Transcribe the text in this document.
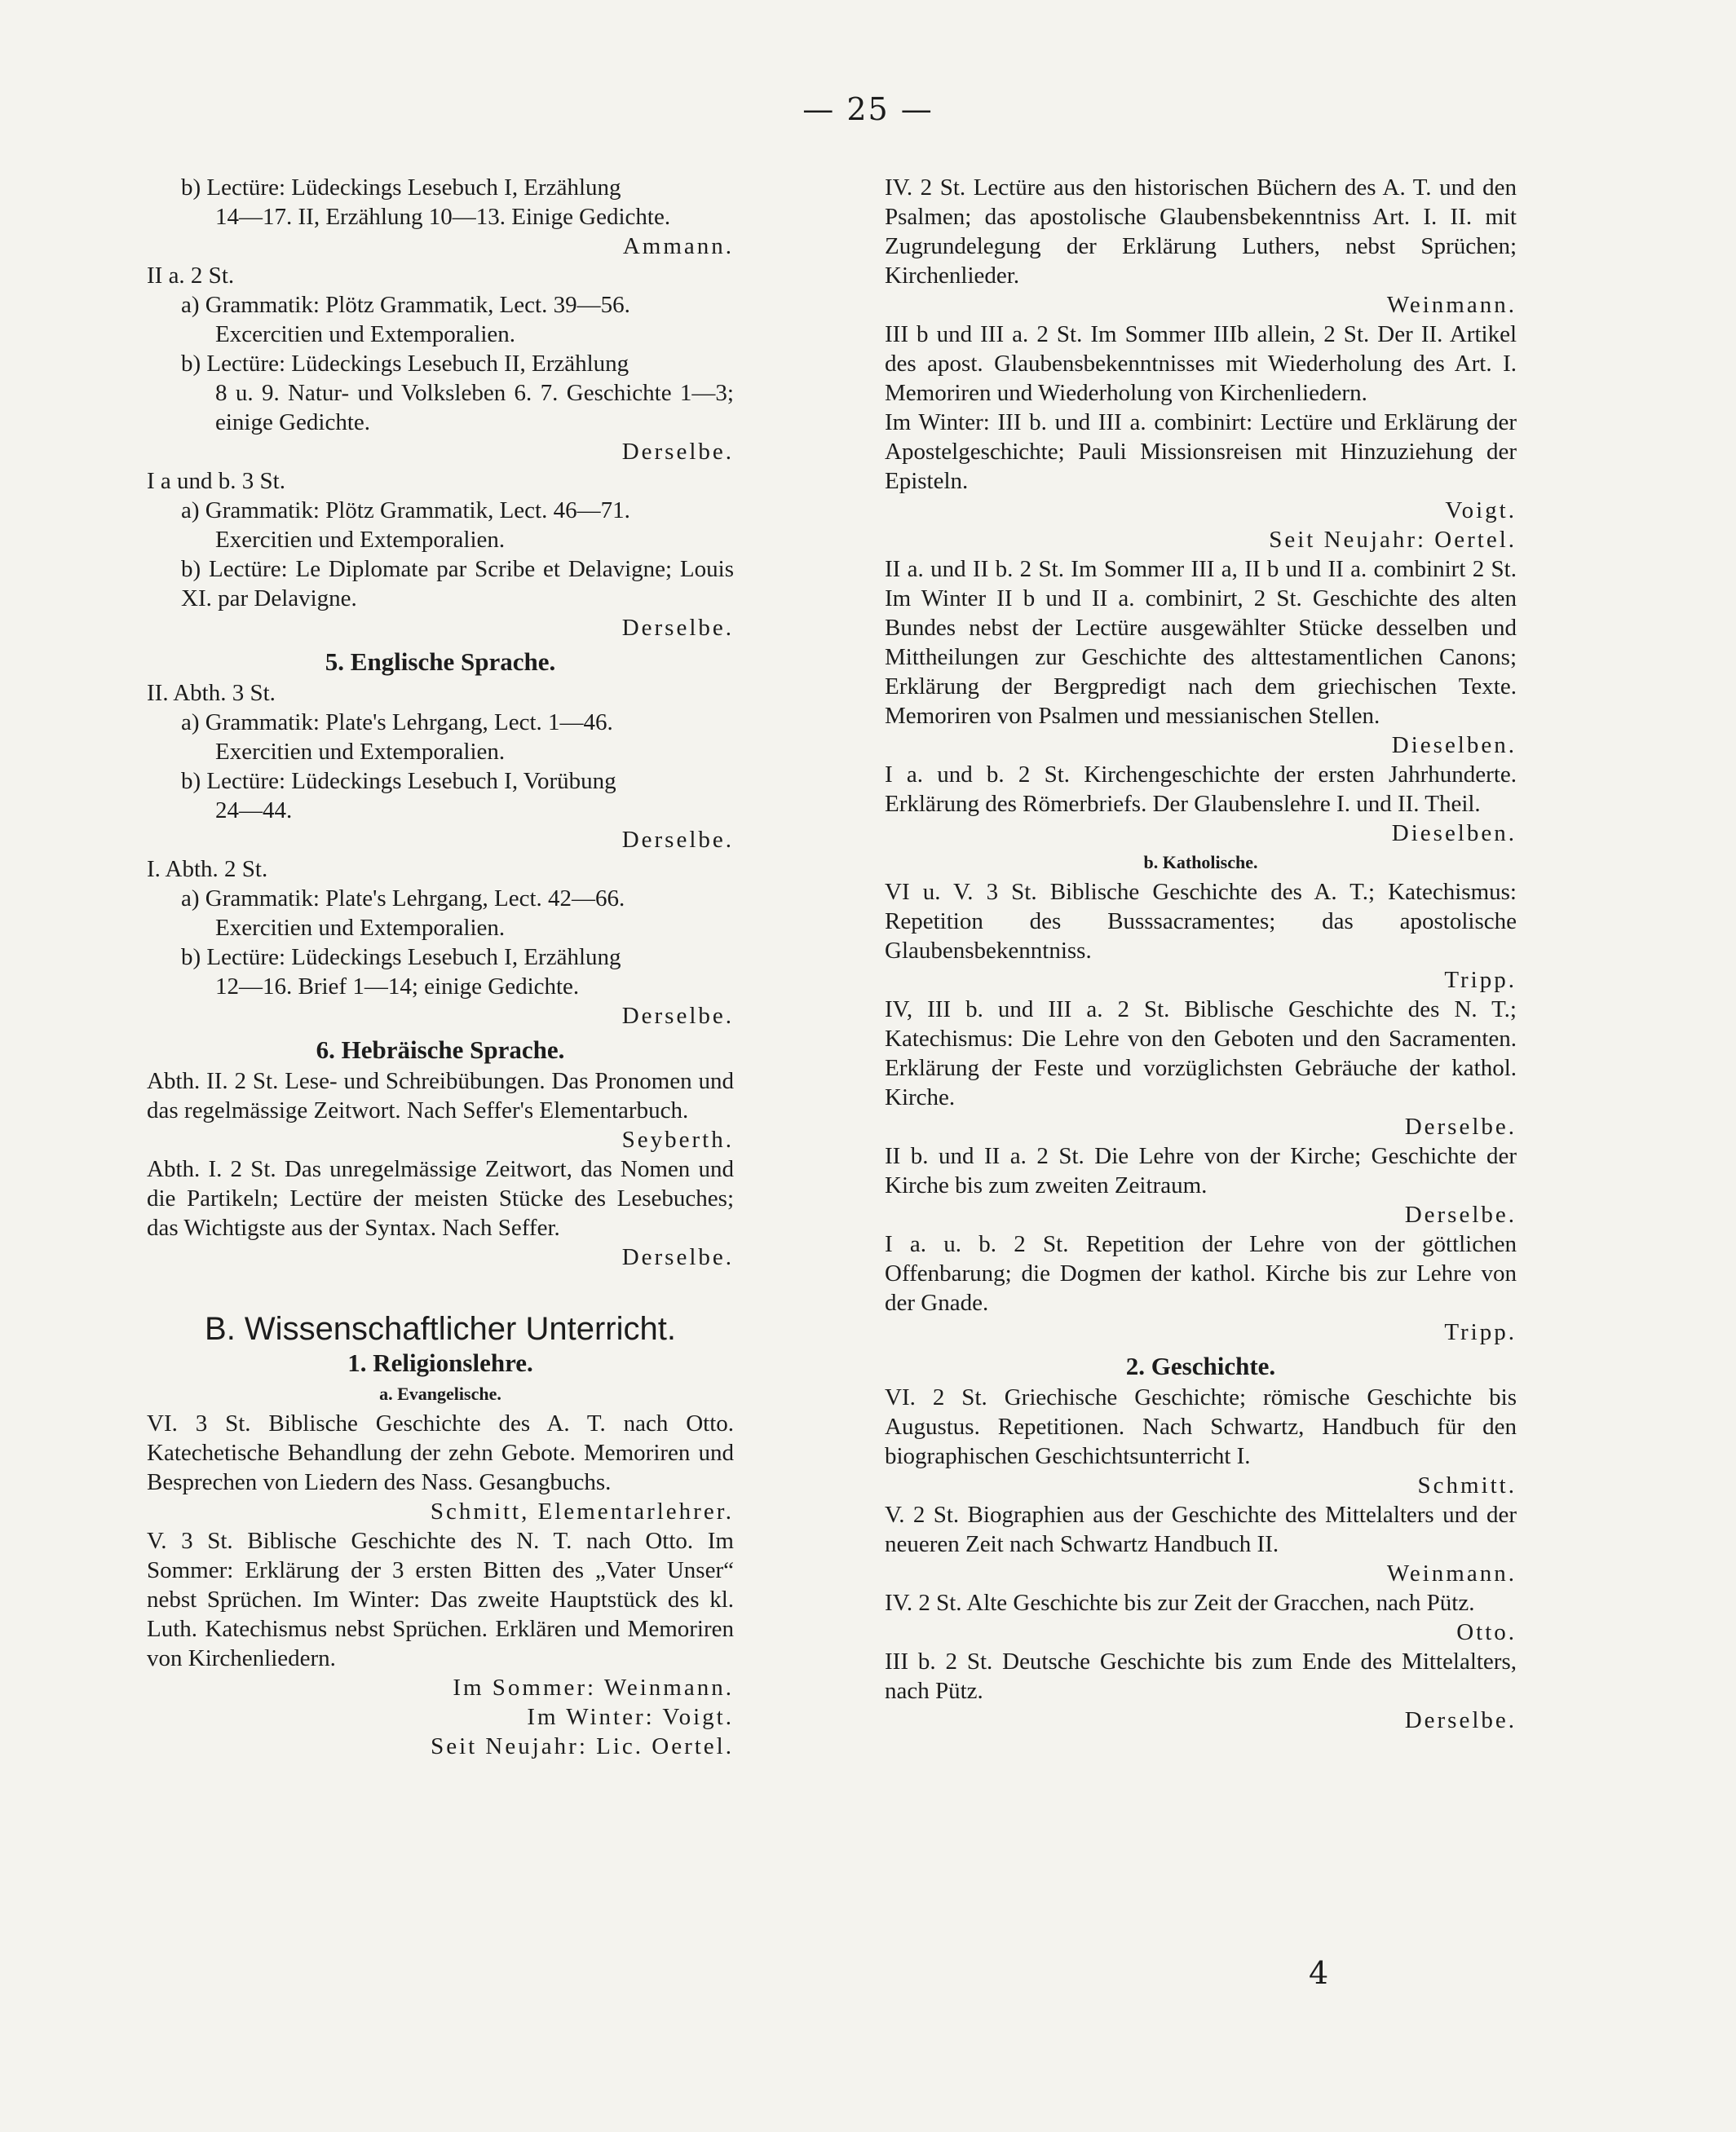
— 25 —

b) Lectüre: Lüdeckings Lesebuch I, Erzählung

14—17. II, Erzählung 10—13. Einige Gedichte.

Ammann.

II a. 2 St.

a) Grammatik: Plötz Grammatik, Lect. 39—56.

Excercitien und Extemporalien.

b) Lectüre: Lüdeckings Lesebuch II, Erzählung

8 u. 9. Natur- und Volksleben 6. 7. Geschichte 1—3; einige Gedichte.

Derselbe.

I a und b. 3 St.

a) Grammatik: Plötz Grammatik, Lect. 46—71.

Exercitien und Extemporalien.

b) Lectüre: Le Diplomate par Scribe et Delavigne; Louis XI. par Delavigne.

Derselbe.

5. Englische Sprache.

II. Abth. 3 St.

a) Grammatik: Plate's Lehrgang, Lect. 1—46.

Exercitien und Extemporalien.

b) Lectüre: Lüdeckings Lesebuch I, Vorübung

24—44.

Derselbe.

I. Abth. 2 St.

a) Grammatik: Plate's Lehrgang, Lect. 42—66.

Exercitien und Extemporalien.

b) Lectüre: Lüdeckings Lesebuch I, Erzählung

12—16. Brief 1—14; einige Gedichte.

Derselbe.

6. Hebräische Sprache.

Abth. II. 2 St. Lese- und Schreibübungen. Das Pronomen und das regelmässige Zeitwort. Nach Seffer's Elementarbuch.

Seyberth.

Abth. I. 2 St. Das unregelmässige Zeitwort, das Nomen und die Partikeln; Lectüre der meisten Stücke des Lesebuches; das Wichtigste aus der Syntax. Nach Seffer.

Derselbe.

B. Wissenschaftlicher Unterricht.

1. Religionslehre.

a. Evangelische.

VI. 3 St. Biblische Geschichte des A. T. nach Otto. Katechetische Behandlung der zehn Gebote. Memoriren und Besprechen von Liedern des Nass. Gesangbuchs.

Schmitt, Elementarlehrer.

V. 3 St. Biblische Geschichte des N. T. nach Otto. Im Sommer: Erklärung der 3 ersten Bitten des „Vater Unser“ nebst Sprüchen. Im Winter: Das zweite Hauptstück des kl. Luth. Katechismus nebst Sprüchen. Erklären und Memoriren von Kirchenliedern.

Im Sommer: Weinmann.

Im Winter: Voigt.

Seit Neujahr: Lic. Oertel.

IV. 2 St. Lectüre aus den historischen Büchern des A. T. und den Psalmen; das apostolische Glaubensbekenntniss Art. I. II. mit Zugrundelegung der Erklärung Luthers, nebst Sprüchen; Kirchenlieder.

Weinmann.

III b und III a. 2 St. Im Sommer IIIb allein, 2 St. Der II. Artikel des apost. Glaubensbekenntnisses mit Wiederholung des Art. I. Memoriren und Wiederholung von Kirchenliedern.

Im Winter: III b. und III a. combinirt: Lectüre und Erklärung der Apostelgeschichte; Pauli Missionsreisen mit Hinzuziehung der Episteln.

Voigt.

Seit Neujahr: Oertel.

II a. und II b. 2 St. Im Sommer III a, II b und II a. combinirt 2 St. Im Winter II b und II a. combinirt, 2 St. Geschichte des alten Bundes nebst der Lectüre ausgewählter Stücke desselben und Mittheilungen zur Geschichte des alttestamentlichen Canons; Erklärung der Bergpredigt nach dem griechischen Texte. Memoriren von Psalmen und messianischen Stellen.

Dieselben.

I a. und b. 2 St. Kirchengeschichte der ersten Jahrhunderte. Erklärung des Römerbriefs. Der Glaubenslehre I. und II. Theil.

Dieselben.

b. Katholische.

VI u. V. 3 St. Biblische Geschichte des A. T.; Katechismus: Repetition des Busssacramentes; das apostolische Glaubensbekenntniss.

Tripp.

IV, III b. und III a. 2 St. Biblische Geschichte des N. T.; Katechismus: Die Lehre von den Geboten und den Sacramenten. Erklärung der Feste und vorzüglichsten Gebräuche der kathol. Kirche.

Derselbe.

II b. und II a. 2 St. Die Lehre von der Kirche; Geschichte der Kirche bis zum zweiten Zeitraum.

Derselbe.

I a. u. b. 2 St. Repetition der Lehre von der göttlichen Offenbarung; die Dogmen der kathol. Kirche bis zur Lehre von der Gnade.

Tripp.

2. Geschichte.

VI. 2 St. Griechische Geschichte; römische Geschichte bis Augustus. Repetitionen. Nach Schwartz, Handbuch für den biographischen Geschichtsunterricht I.

Schmitt.

V. 2 St. Biographien aus der Geschichte des Mittelalters und der neueren Zeit nach Schwartz Handbuch II.

Weinmann.

IV. 2 St. Alte Geschichte bis zur Zeit der Gracchen, nach Pütz.

Otto.

III b. 2 St. Deutsche Geschichte bis zum Ende des Mittelalters, nach Pütz.

Derselbe.

4
